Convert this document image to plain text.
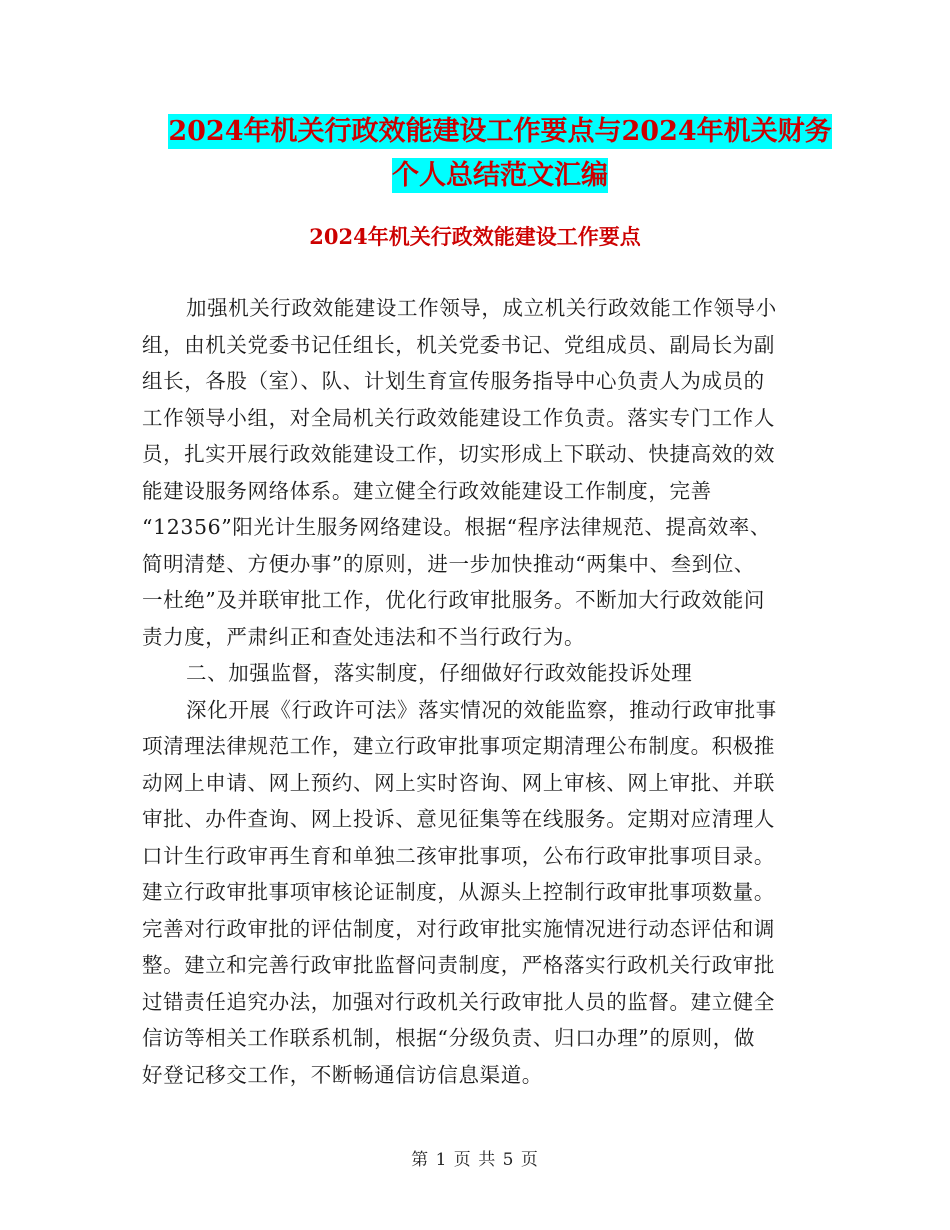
2024年机关行政效能建设工作要点与2024年机关财务
个人总结范文汇编
2024年机关行政效能建设工作要点
加强机关行政效能建设工作领导，成立机关行政效能工作领导小
组，由机关党委书记任组长，机关党委书记、党组成员、副局长为副
组长，各股（室）、队、计划生育宣传服务指导中心负责人为成员的
工作领导小组，对全局机关行政效能建设工作负责。落实专门工作人
员，扎实开展行政效能建设工作，切实形成上下联动、快捷高效的效
能建设服务网络体系。建立健全行政效能建设工作制度，完善
“12356”阳光计生服务网络建设。根据“程序法律规范、提高效率、
简明清楚、方便办事”的原则，进一步加快推动“两集中、叁到位、
一杜绝”及并联审批工作，优化行政审批服务。不断加大行政效能问
责力度，严肃纠正和查处违法和不当行政行为。
二、加强监督，落实制度，仔细做好行政效能投诉处理
深化开展《行政许可法》落实情况的效能监察，推动行政审批事
项清理法律规范工作，建立行政审批事项定期清理公布制度。积极推
动网上申请、网上预约、网上实时咨询、网上审核、网上审批、并联
审批、办件查询、网上投诉、意见征集等在线服务。定期对应清理人
口计生行政审再生育和单独二孩审批事项，公布行政审批事项目录。
建立行政审批事项审核论证制度，从源头上控制行政审批事项数量。
完善对行政审批的评估制度，对行政审批实施情况进行动态评估和调
整。建立和完善行政审批监督问责制度，严格落实行政机关行政审批
过错责任追究办法，加强对行政机关行政审批人员的监督。建立健全
信访等相关工作联系机制，根据“分级负责、归口办理”的原则，做
好登记移交工作，不断畅通信访信息渠道。
第 1 页 共 5 页
